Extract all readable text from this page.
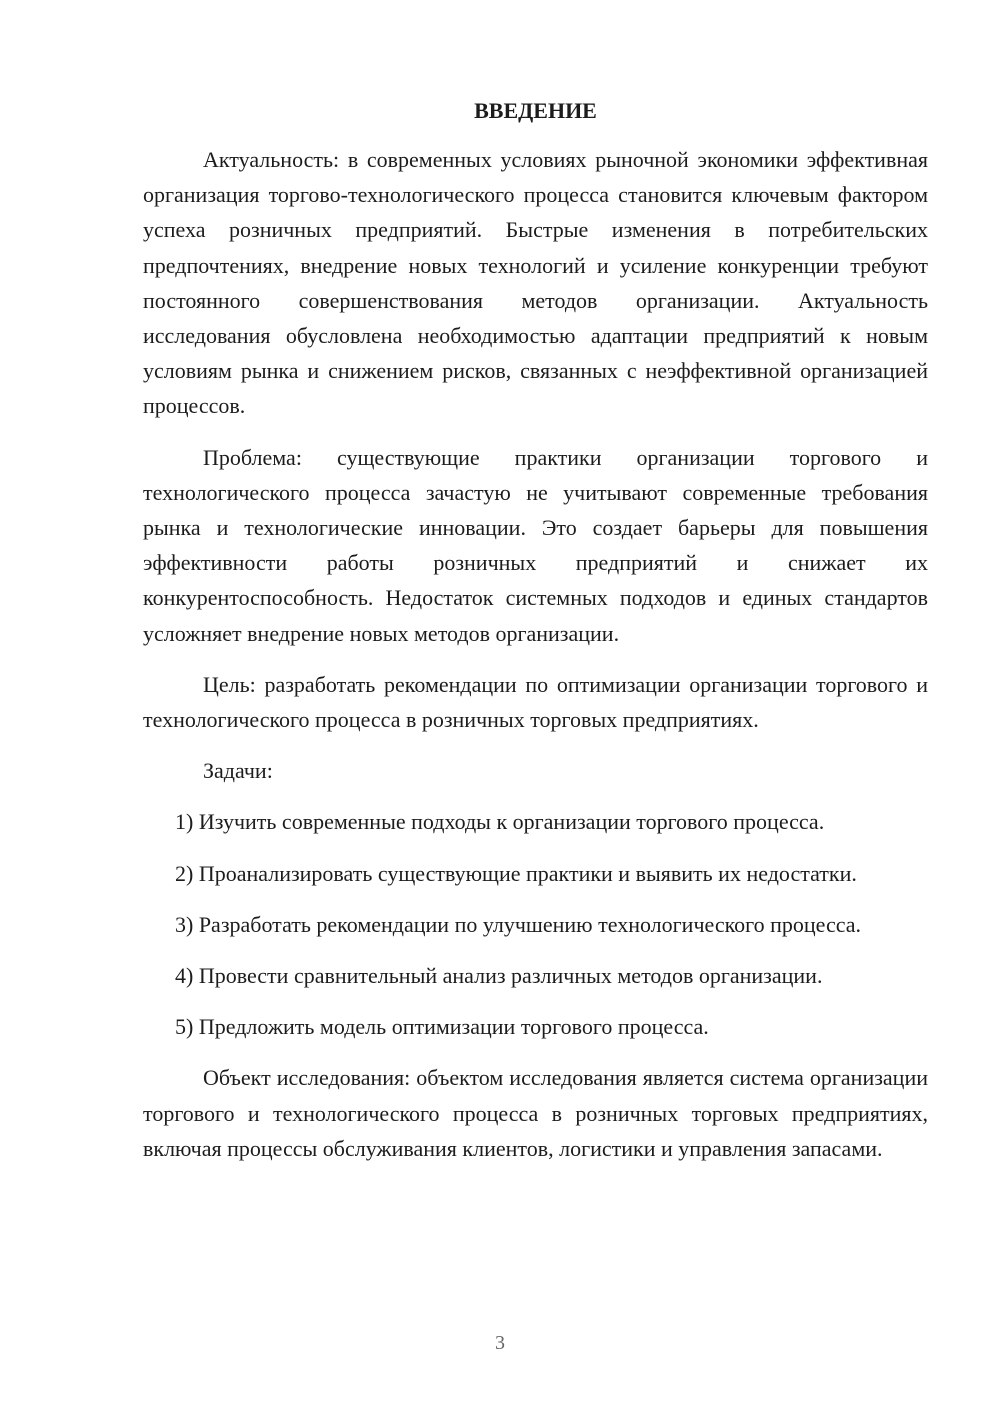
ВВЕДЕНИЕ

Актуальность: в современных условиях рыночной экономики эффективная организация торгово-технологического процесса становится ключевым фактором успеха розничных предприятий. Быстрые изменения в потребительских предпочтениях, внедрение новых технологий и усиление конкуренции требуют постоянного совершенствования методов организации. Актуальность исследования обусловлена необходимостью адаптации предприятий к новым условиям рынка и снижением рисков, связанных с неэффективной организацией процессов.

Проблема: существующие практики организации торгового и технологического процесса зачастую не учитывают современные требования рынка и технологические инновации. Это создает барьеры для повышения эффективности работы розничных предприятий и снижает их конкурентоспособность. Недостаток системных подходов и единых стандартов усложняет внедрение новых методов организации.

Цель: разработать рекомендации по оптимизации организации торгового и технологического процесса в розничных торговых предприятиях.

Задачи:

1) Изучить современные подходы к организации торгового процесса.

2) Проанализировать существующие практики и выявить их недостатки.

3) Разработать рекомендации по улучшению технологического процесса.

4) Провести сравнительный анализ различных методов организации.

5) Предложить модель оптимизации торгового процесса.

Объект исследования: объектом исследования является система организации торгового и технологического процесса в розничных торговых предприятиях, включая процессы обслуживания клиентов, логистики и управления запасами.

3
